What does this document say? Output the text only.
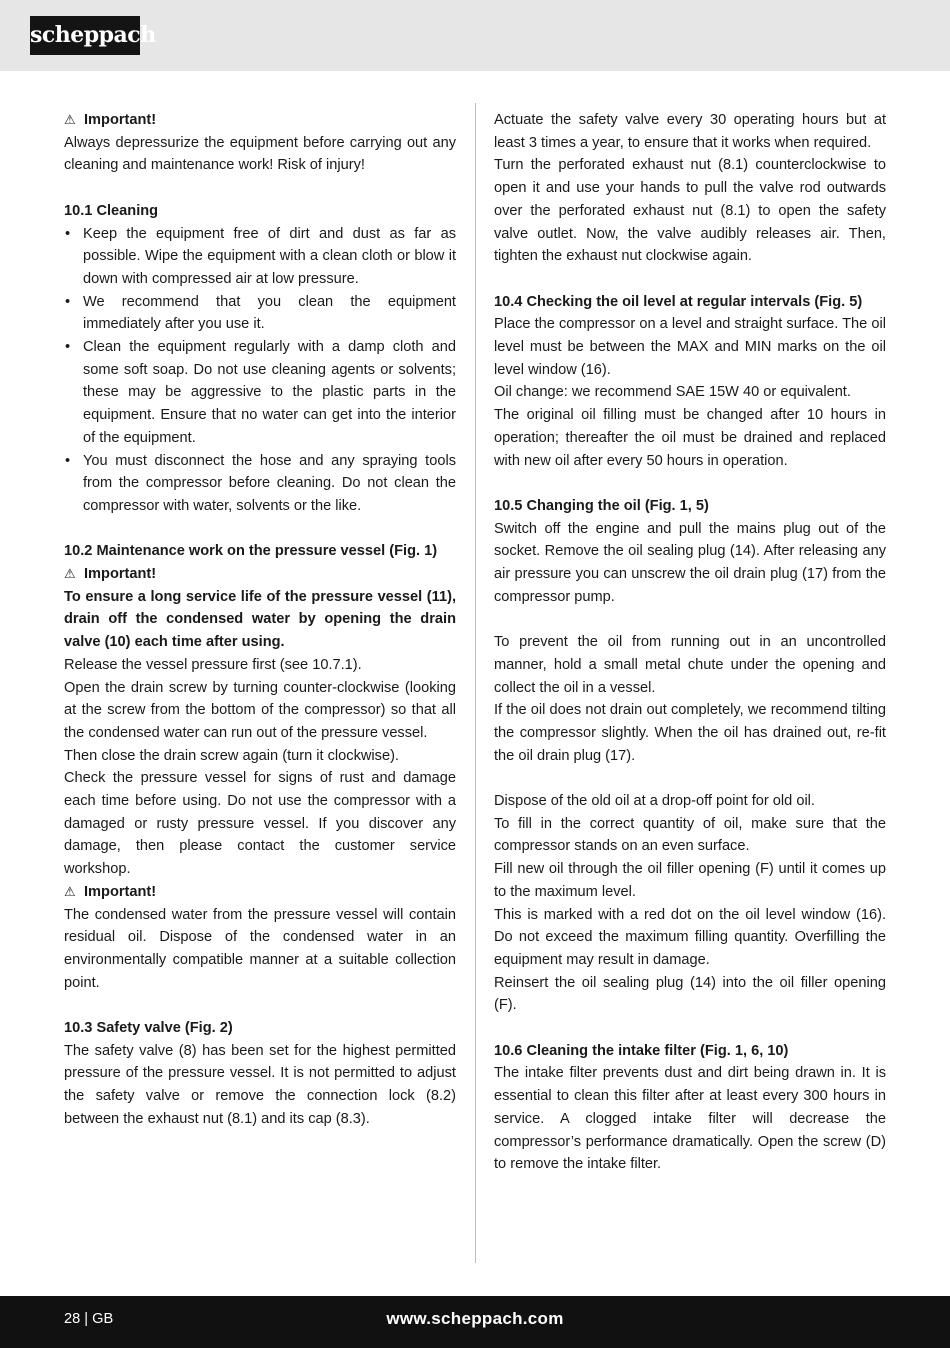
scheppach

⚠ Important!

Always depressurize the equipment before carrying out any cleaning and maintenance work! Risk of injury!

10.1 Cleaning

• Keep the equipment free of dirt and dust as far as possible. Wipe the equipment with a clean cloth or blow it down with compressed air at low pressure.
• We recommend that you clean the equipment immediately after you use it.
• Clean the equipment regularly with a damp cloth and some soft soap. Do not use cleaning agents or solvents; these may be aggressive to the plastic parts in the equipment. Ensure that no water can get into the interior of the equipment.
• You must disconnect the hose and any spraying tools from the compressor before cleaning. Do not clean the compressor with water, solvents or the like.

10.2 Maintenance work on the pressure vessel (Fig. 1)

⚠ Important!

To ensure a long service life of the pressure vessel (11), drain off the condensed water by opening the drain valve (10) each time after using.

Release the vessel pressure first (see 10.7.1).

Open the drain screw by turning counter-clockwise (looking at the screw from the bottom of the compressor) so that all the condensed water can run out of the pressure vessel.

Then close the drain screw again (turn it clockwise).

Check the pressure vessel for signs of rust and damage each time before using. Do not use the compressor with a damaged or rusty pressure vessel. If you discover any damage, then please contact the customer service workshop.

⚠ Important!

The condensed water from the pressure vessel will contain residual oil. Dispose of the condensed water in an environmentally compatible manner at a suitable collection point.

10.3 Safety valve (Fig. 2)

The safety valve (8) has been set for the highest permitted pressure of the pressure vessel. It is not permitted to adjust the safety valve or remove the connection lock (8.2) between the exhaust nut (8.1) and its cap (8.3).

Actuate the safety valve every 30 operating hours but at least 3 times a year, to ensure that it works when required.

Turn the perforated exhaust nut (8.1) counterclockwise to open it and use your hands to pull the valve rod outwards over the perforated exhaust nut (8.1) to open the safety valve outlet. Now, the valve audibly releases air. Then, tighten the exhaust nut clockwise again.

10.4 Checking the oil level at regular intervals (Fig. 5)

Place the compressor on a level and straight surface. The oil level must be between the MAX and MIN marks on the oil level window (16).

Oil change: we recommend SAE 15W 40 or equivalent.

The original oil filling must be changed after 10 hours in operation; thereafter the oil must be drained and replaced with new oil after every 50 hours in operation.

10.5 Changing the oil (Fig. 1, 5)

Switch off the engine and pull the mains plug out of the socket. Remove the oil sealing plug (14). After releasing any air pressure you can unscrew the oil drain plug (17) from the compressor pump.

To prevent the oil from running out in an uncontrolled manner, hold a small metal chute under the opening and collect the oil in a vessel.

If the oil does not drain out completely, we recommend tilting the compressor slightly. When the oil has drained out, re-fit the oil drain plug (17).

Dispose of the old oil at a drop-off point for old oil.

To fill in the correct quantity of oil, make sure that the compressor stands on an even surface.

Fill new oil through the oil filler opening (F) until it comes up to the maximum level.

This is marked with a red dot on the oil level window (16). Do not exceed the maximum filling quantity. Overfilling the equipment may result in damage.

Reinsert the oil sealing plug (14) into the oil filler opening (F).

10.6 Cleaning the intake filter (Fig. 1, 6, 10)

The intake filter prevents dust and dirt being drawn in. It is essential to clean this filter after at least every 300 hours in service. A clogged intake filter will decrease the compressor’s performance dramatically. Open the screw (D) to remove the intake filter.

28 | GB	www.scheppach.com
